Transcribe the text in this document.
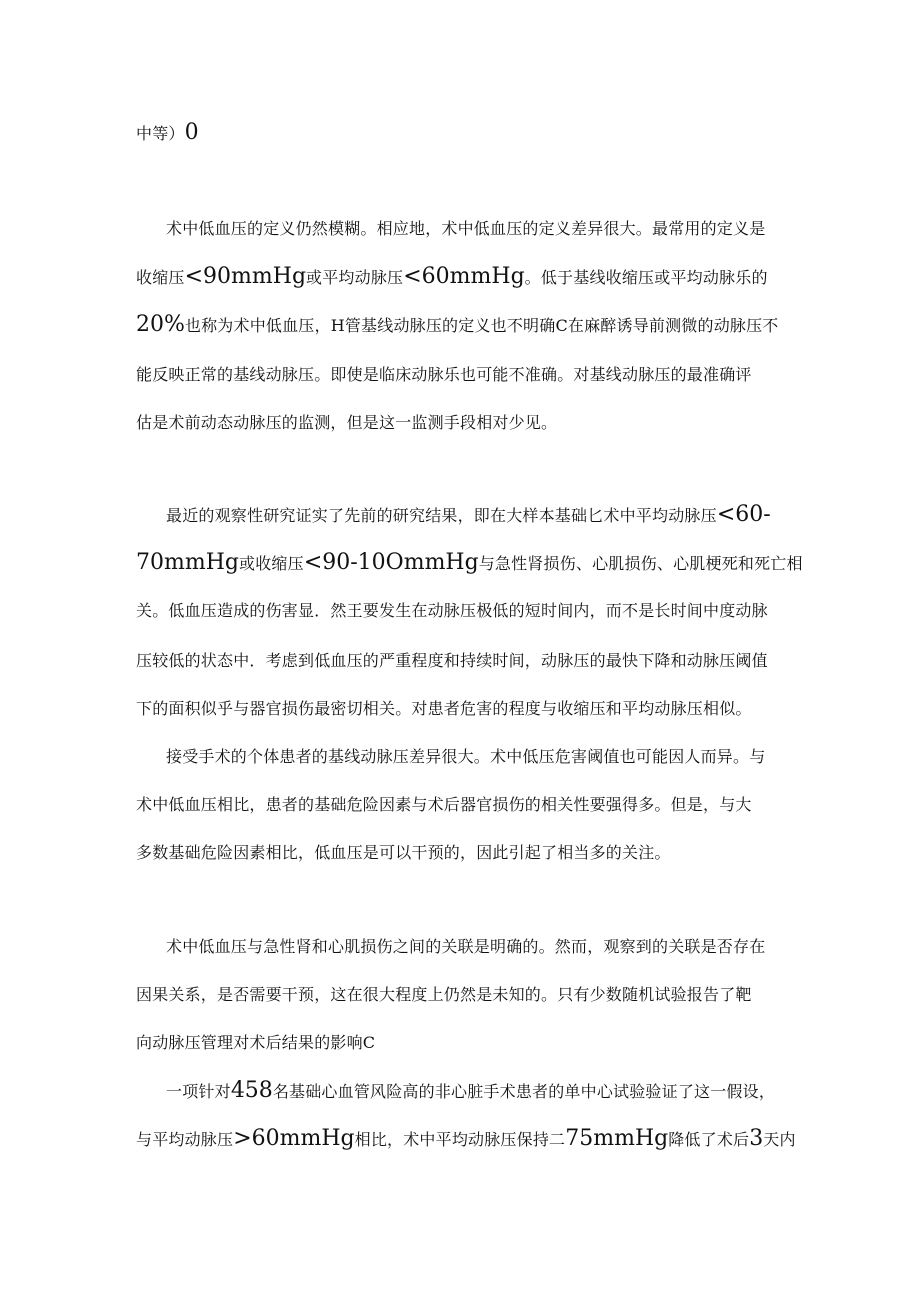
中等）0
术中低血压的定义仍然模糊。相应地，术中低血压的定义差异很大。最常用的定义是
收缩压<90mmHg或平均动脉压<60mmHg。低于基线收缩压或平均动脉乐的
20%也称为术中低血压，H管基线动脉压的定义也不明确C在麻醉诱导前测微的动脉压不
能反映正常的基线动脉压。即使是临床动脉乐也可能不准确。对基线动脉压的最准确评
估是术前动态动脉压的监测，但是这一监测手段相对少见。
最近的观察性研究证实了先前的研究结果，即在大样本基础匕术中平均动脉压<60-
70mmHg或收缩压<90-10OmmHg与急性肾损伤、心肌损伤、心肌梗死和死亡相
关。低血压造成的伤害显．然王要发生在动脉压极低的短时间内，而不是长时间中度动脉
压较低的状态中．考虑到低血压的严重程度和持续时间，动脉压的最快下降和动脉压阈值
下的面积似乎与器官损伤最密切相关。对患者危害的程度与收缩压和平均动脉压相似。
接受手术的个体患者的基线动脉压差异很大。术中低压危害阈值也可能因人而异。与
术中低血压相比，患者的基础危险因素与术后器官损伤的相关性要强得多。但是，与大
多数基础危险因素相比，低血压是可以干预的，因此引起了相当多的关注。
术中低血压与急性肾和心肌损伤之间的关联是明确的。然而，观察到的关联是否存在
因果关系，是否需要干预，这在很大程度上仍然是未知的。只有少数随机试验报告了靶
向动脉压管理对术后结果的影响C
一项针对458名基础心血管风险高的非心脏手术患者的单中心试验验证了这一假设，
与平均动脉压>60mmHg相比，术中平均动脉压保持二75mmHg降低了术后3天内
